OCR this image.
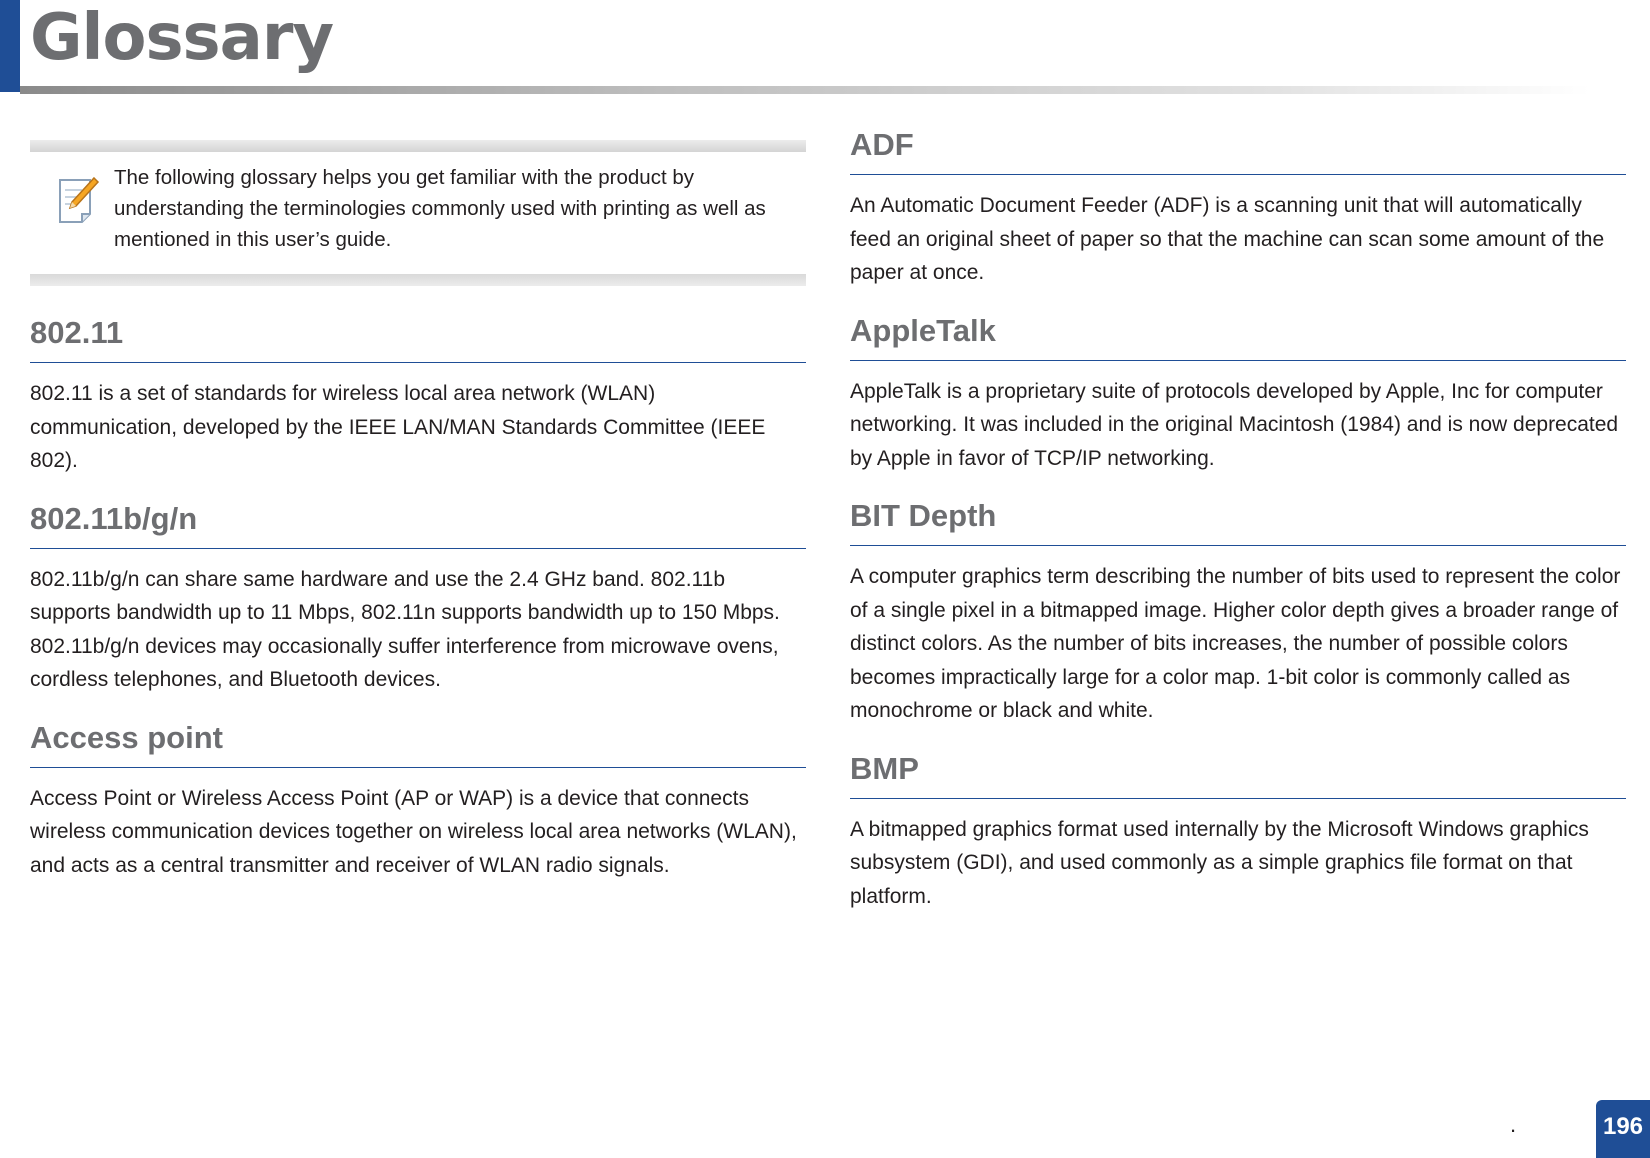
Glossary

The following glossary helps you get familiar with the product by understanding the terminologies commonly used with printing as well as mentioned in this user’s guide.

802.11

802.11 is a set of standards for wireless local area network (WLAN) communication, developed by the IEEE LAN/MAN Standards Committee (IEEE 802).

802.11b/g/n

802.11b/g/n can share same hardware and use the 2.4 GHz band. 802.11b supports bandwidth up to 11 Mbps, 802.11n supports bandwidth up to 150 Mbps. 802.11b/g/n devices may occasionally suffer interference from microwave ovens, cordless telephones, and Bluetooth devices.

Access point

Access Point or Wireless Access Point (AP or WAP) is a device that connects wireless communication devices together on wireless local area networks (WLAN), and acts as a central transmitter and receiver of WLAN radio signals.

ADF

An Automatic Document Feeder (ADF) is a scanning unit that will automatically feed an original sheet of paper so that the machine can scan some amount of the paper at once.

AppleTalk

AppleTalk is a proprietary suite of protocols developed by Apple, Inc for computer networking. It was included in the original Macintosh (1984) and is now deprecated by Apple in favor of TCP/IP networking.

BIT Depth

A computer graphics term describing the number of bits used to represent the color of a single pixel in a bitmapped image. Higher color depth gives a broader range of distinct colors. As the number of bits increases, the number of possible colors becomes impractically large for a color map. 1-bit color is commonly called as monochrome or black and white.

BMP

A bitmapped graphics format used internally by the Microsoft Windows graphics subsystem (GDI), and used commonly as a simple graphics file format on that platform.

.	196
